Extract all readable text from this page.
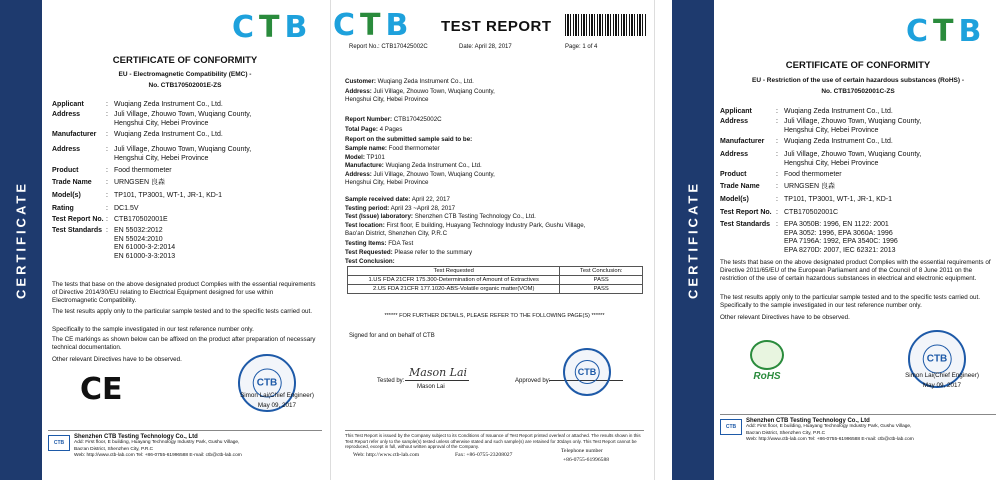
CERTIFICATE
CTB
CERTIFICATE OF CONFORMITY
EU - Electromagnetic Compatibility (EMC) -
No. CTB170502001E-ZS
Applicant	: Wuqiang Zeda Instrument Co., Ltd.
Address	: Juli Village, Zhouwo Town, Wuqiang County,
Hengshui City, Hebei Province
Manufacturer : Wuqiang Zeda Instrument Co., Ltd.
Address	: Juli Village, Zhouwo Town, Wuqiang County,
Hengshui City, Hebei Province
Product	: Food thermometer
Trade Name : URNGSEN 良森
Model(s)	: TP101, TP3001, WT-1, JR-1, KD-1
Rating	: DC1.5V
Test Report No. : CTB170502001E
Test Standards : EN 55032:2012
EN 55024:2010
EN 61000-3-2:2014
EN 61000-3-3:2013
The tests that base on the above designated product Complies with the essential requirements of Directive 2014/30/EU relating to Electrical Equipment designed for use within Electromagnetic Compatibility.
The test results apply only to the particular sample tested and to the specific tests carried out.
Specifically to the sample investigated in our test reference number only.
The CE markings as shown below can be affixed on the product after preparation of necessary technical documentation.
Other relevant Directives have to be observed.
CE	CTB
Simon Lai(Chief Engineer)
May 09, 2017
CTB
Shenzhen CTB Testing Technology Co., Ltd
Add: First floor, E building, Huayang Technology Industry Park, Gushu Village,
Bao'an District, Shenzhen City, P.R.C
Web: http://www.ctb-lab.com Tel: +86-0755-61996588 E-mail: ctb@ctb-lab.com
CTB TEST REPORT
Report No.: CTB170425002C	Date: April 28, 2017	Page: 1 of 4
Customer: Wuqiang Zeda Instrument Co., Ltd.
Address: Juli Village, Zhouwo Town, Wuqiang County,
Hengshui City, Hebei Province
Report Number: CTB170425002C
Total Page: 4 Pages
Report on the submitted sample said to be:
Sample name: Food thermometer
Model: TP101
Manufacture: Wuqiang Zeda Instrument Co., Ltd.
Address: Juli Village, Zhouwo Town, Wuqiang County,
Hengshui City, Hebei Province
Sample received date: April 22, 2017
Testing period: April 23 ~April 28, 2017
Test (Issue) laboratory: Shenzhen CTB Testing Technology Co., Ltd.
Test location: First floor, E building, Huayang Technology Industry Park, Gushu Village,
Bao'an District, Shenzhen City, P.R.C
Testing Items: FDA Test
Test Requested: Please refer to the summary
Test Conclusion:
Test Requested	Test Conclusion:
1.US FDA 21CFR 175.300-Determination of Amount of Extractives	PASS
2.US FDA 21CFR 177.1020-ABS-Volatile organic matter(VOM)	PASS
****** FOR FURTHER DETAILS, PLEASE REFER TO THE FOLLOWING PAGE(S) ******
Signed for and on behalf of CTB
Tested by:
Mason Lai
Mason Lai
Approved by:
CTB
This Test Report is issued by the Company subject to its Conditions of Issuance of Test Report printed overleaf or attached. The results shown in this Test Report refer only to the sample(s) tested unless otherwise stated and such sample(s) are retained for 30days only. This Test Report cannot be reproduced, except in full, without written approval of the Company.
Web: http://www.ctb-lab.com	Fax: +86-0755-23208027
Telephone number
+86-0755-61996588
CERTIFICATE
CTB
CERTIFICATE OF CONFORMITY
EU - Restriction of the use of certain hazardous substances (RoHS) -
No. CTB170502001C-ZS
Applicant	: Wuqiang Zeda Instrument Co., Ltd.
Address	: Juli Village, Zhouwo Town, Wuqiang County,
Hengshui City, Hebei Province
Manufacturer : Wuqiang Zeda Instrument Co., Ltd.
Address	: Juli Village, Zhouwo Town, Wuqiang County,
Hengshui City, Hebei Province
Product	: Food thermometer
Trade Name : URNGSEN 良森
Model(s)	: TP101, TP3001, WT-1, JR-1, KD-1
Test Report No. : CTB170502001C
Test Standards : EPA 3050B: 1996, EN 1122: 2001
EPA 3052: 1996, EPA 3060A: 1996
EPA 7196A: 1992, EPA 3540C: 1996
EPA 8270D: 2007, IEC 62321: 2013
The tests that base on the above designated product Complies with the essential requirements of Directive 2011/65/EU of the European Parliament and of the Council of 8 June 2011 on the restriction of the use of certain hazardous substances in electrical and electronic equipment.
The test results apply only to the particular sample tested and to the specific tests carried out. Specifically to the sample investigated in our test reference number only.
Other relevant Directives have to be observed.
RoHS
CTB
Simon Lai(Chief Engineer)
May 09, 2017
CTB
Shenzhen CTB Testing Technology Co., Ltd
Add: First floor, E building, Huayang Technology Industry Park, Gushu Village,
Bao'an District, Shenzhen City, P.R.C
Web: http://www.ctb-lab.com Tel: +86-0755-61996588 E-mail: ctb@ctb-lab.com
